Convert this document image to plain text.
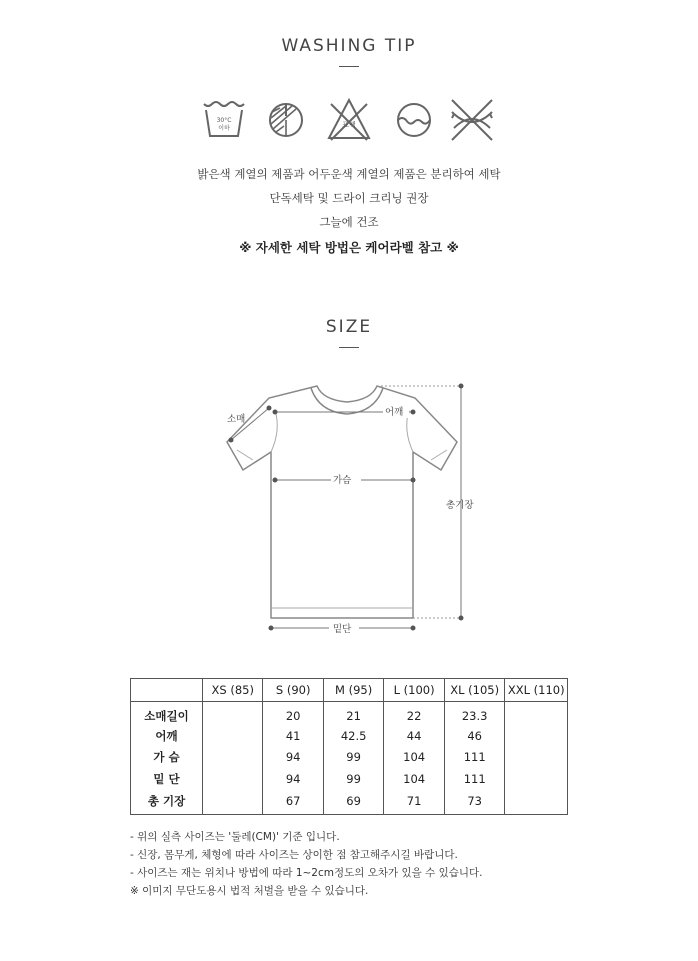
WASHING TIP
30°C
이하	표백
밝은색 계열의 제품과 어두운색 계열의 제품은 분리하여 세탁
단독세탁 및 드라이 크리닝 권장
그늘에 건조
※ 자세한 세탁 방법은 케어라벨 참고 ※
SIZE
소매
어깨
가슴
총기장
밑단
	XS (85)	S (90)	M (95)	L (100)	XL (105)	XXL (110)
소매길이		20	21	22	23.3	
어깨		41	42.5	44	46	
가 슴		94	99	104	111	
밑 단		94	99	104	111	
총 기장		67	69	71	73	
- 위의 실측 사이즈는 '둘레(CM)' 기준 입니다.
- 신장, 몸무게, 체형에 따라 사이즈는 상이한 점 참고해주시길 바랍니다.
- 사이즈는 재는 위치나 방법에 따라 1~2cm정도의 오차가 있을 수 있습니다.
※ 이미지 무단도용시 법적 처벌을 받을 수 있습니다.
